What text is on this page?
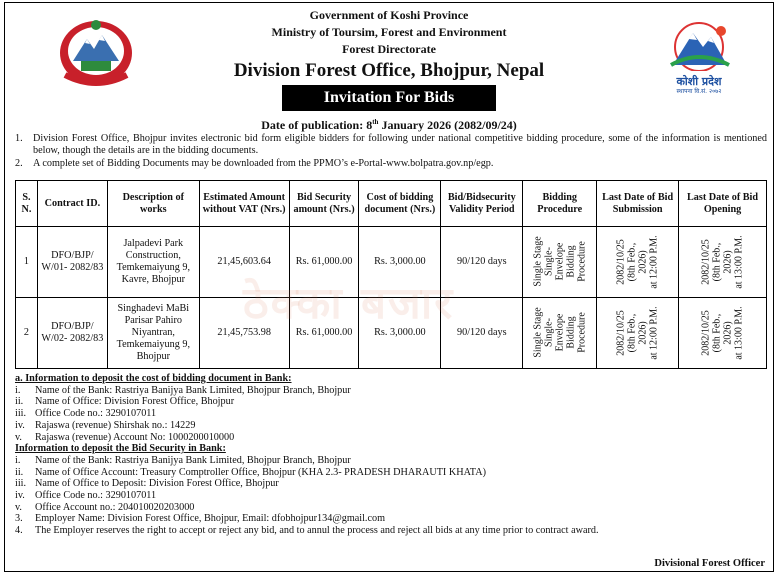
कोशी प्रदेश
स्थापना वि.सं. २०७२
Government of Koshi Province
Ministry of Toursim, Forest and Environment
Forest Directorate
Division Forest Office, Bhojpur, Nepal
Invitation For Bids
Date of publication: 8th January 2026 (2082/09/24)
1.	Division Forest Office, Bhojpur invites electronic bid form eligible bidders for following under national competitive bidding procedure, some of the information is mentioned below, though the details are in the bidding documents.
2.	A complete set of Bidding Documents may be downloaded from the PPMO’s e-Portal-www.bolpatra.gov.np/egp.
S. N.	Contract ID.	Description of works	Estimated Amount without VAT (Nrs.)	Bid Security amount (Nrs.)	Cost of bidding document (Nrs.)	Bid/Bidsecurity Validity Period	Bidding Procedure	Last Date of Bid Submission	Last Date of Bid Opening
1	DFO/BJP/ W/01- 2082/83	Jalpadevi Park Construction, Temkemaiyung 9, Kavre, Bhojpur	21,45,603.64	Rs. 61,000.00	Rs. 3,000.00	90/120 days	Single Stage
Single-
Envelope
Bidding
Procedure	2082/10/25
(8th Feb.,
2026)
at 12:00 P.M.	2082/10/25
(8th Feb.,
2026)
at 13:00 P.M.
2	DFO/BJP/ W/02- 2082/83	Singhadevi MaBi Parisar Pahiro Niyantran, Temkemaiyung 9, Bhojpur	21,45,753.98	Rs. 61,000.00	Rs. 3,000.00	90/120 days	Single Stage
Single-
Envelope
Bidding
Procedure	2082/10/25
(8th Feb.,
2026)
at 12:00 P.M.	2082/10/25
(8th Feb.,
2026)
at 13:00 P.M.
ठेक्का बजार
a. Information to deposit the cost of bidding document in Bank:
i.	Name of the Bank: Rastriya Banijya Bank Limited, Bhojpur Branch, Bhojpur
ii.	Name of Office: Division Forest Office, Bhojpur
iii. Office Code no.: 3290107011
iv. Rajaswa (revenue) Shirshak no.: 14229
v.	Rajaswa (revenue) Account No: 1000200010000
Information to deposit the Bid Security in Bank:
i.	Name of the Bank: Rastriya Banijya Bank Limited, Bhojpur Branch, Bhojpur
ii.	Name of Office Account: Treasury Comptroller Office, Bhojpur (KHA 2.3- PRADESH DHARAUTI KHATA)
iii. Name of Office to Deposit: Division Forest Office, Bhojpur
iv. Office Code no.: 3290107011
v.	Office Account no.: 204010020203000
3.	Employer Name: Division Forest Office, Bhojpur, Email: dfobhojpur134@gmail.com
4.	The Employer reserves the right to accept or reject any bid, and to annul the process and reject all bids at any time prior to contract award.
Divisional Forest Officer
